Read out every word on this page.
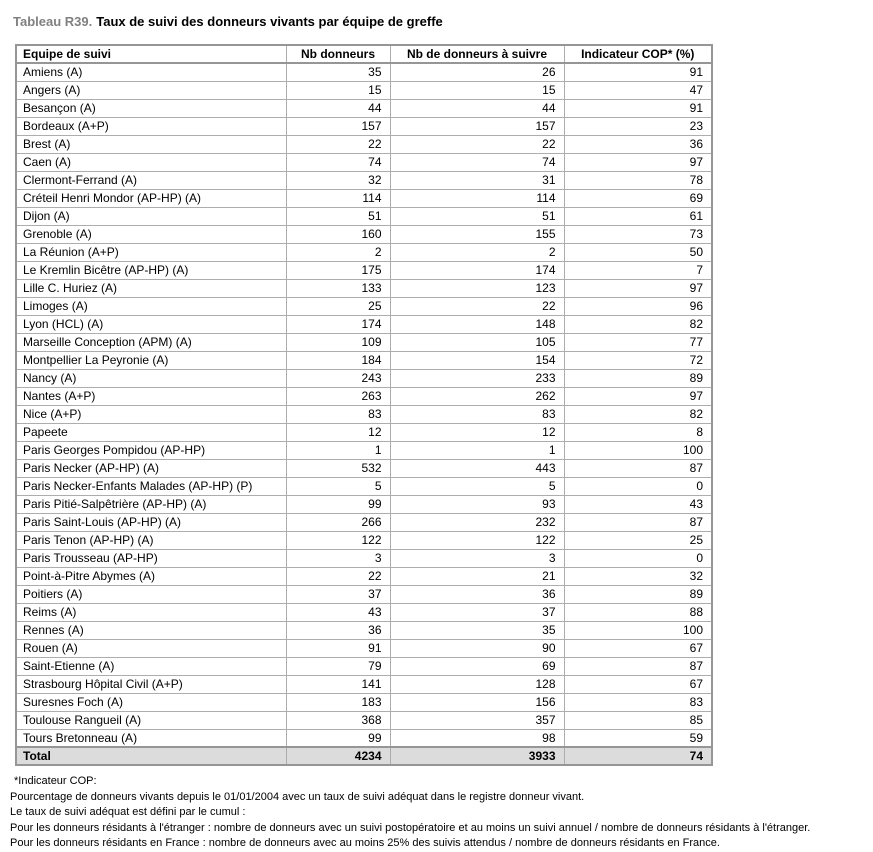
Tableau R39. Taux de suivi des donneurs vivants par équipe de greffe
Equipe de suivi	Nb donneurs	Nb de donneurs à suivre	Indicateur COP* (%)
Amiens (A)	35	26	91
Angers (A)	15	15	47
Besançon (A)	44	44	91
Bordeaux (A+P)	157	157	23
Brest (A)	22	22	36
Caen (A)	74	74	97
Clermont-Ferrand (A)	32	31	78
Créteil Henri Mondor (AP-HP) (A)	114	114	69
Dijon (A)	51	51	61
Grenoble (A)	160	155	73
La Réunion (A+P)	2	2	50
Le Kremlin Bicêtre (AP-HP) (A)	175	174	7
Lille C. Huriez (A)	133	123	97
Limoges (A)	25	22	96
Lyon (HCL) (A)	174	148	82
Marseille Conception (APM) (A)	109	105	77
Montpellier La Peyronie (A)	184	154	72
Nancy (A)	243	233	89
Nantes (A+P)	263	262	97
Nice (A+P)	83	83	82
Papeete	12	12	8
Paris Georges Pompidou (AP-HP)	1	1	100
Paris Necker (AP-HP) (A)	532	443	87
Paris Necker-Enfants Malades (AP-HP) (P)	5	5	0
Paris Pitié-Salpêtrière (AP-HP) (A)	99	93	43
Paris Saint-Louis (AP-HP) (A)	266	232	87
Paris Tenon (AP-HP) (A)	122	122	25
Paris Trousseau (AP-HP)	3	3	0
Point-à-Pitre Abymes (A)	22	21	32
Poitiers (A)	37	36	89
Reims (A)	43	37	88
Rennes (A)	36	35	100
Rouen (A)	91	90	67
Saint-Etienne (A)	79	69	87
Strasbourg Hôpital Civil (A+P)	141	128	67
Suresnes Foch (A)	183	156	83
Toulouse Rangueil (A)	368	357	85
Tours Bretonneau (A)	99	98	59
Total	4234	3933	74
*Indicateur COP:
Pourcentage de donneurs vivants depuis le 01/01/2004 avec un taux de suivi adéquat dans le registre donneur vivant.
Le taux de suivi adéquat est défini par le cumul :
Pour les donneurs résidants à l'étranger : nombre de donneurs avec un suivi postopératoire et au moins un suivi annuel / nombre de donneurs résidants à l'étranger.
Pour les donneurs résidants en France : nombre de donneurs avec au moins 25% des suivis attendus / nombre de donneurs résidants en France.
